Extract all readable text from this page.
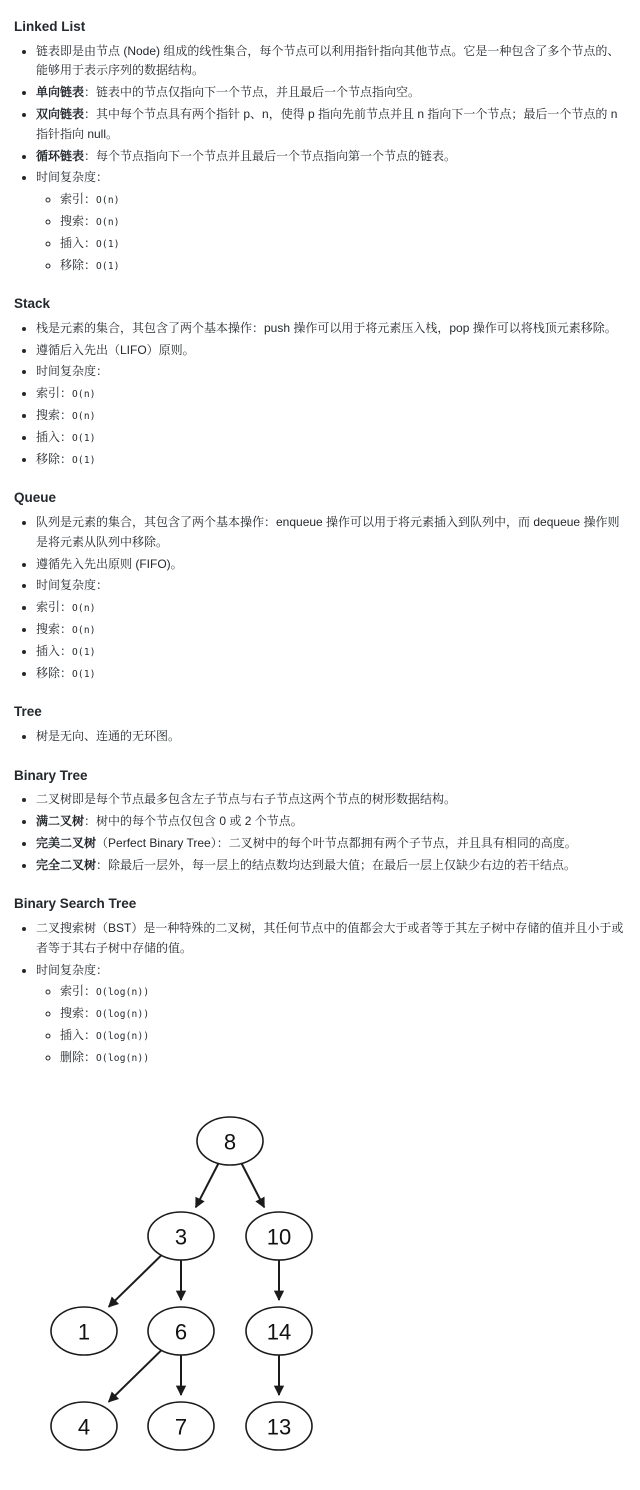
Linked List
• 链表即是由节点 (Node) 组成的线性集合，每个节点可以利用指针指向其他节点。它是一种包含了多个节点的、能够用于表示序列的数据结构。
• 单向链表：链表中的节点仅指向下一个节点，并且最后一个节点指向空。
• 双向链表：其中每个节点具有两个指针 p、n，使得 p 指向先前节点并且 n 指向下一个节点；最后一个节点的 n 指针指向 null。
• 循环链表：每个节点指向下一个节点并且最后一个节点指向第一个节点的链表。
• 时间复杂度：
◦ 索引：O(n)
◦ 搜索：O(n)
◦ 插入：O(1)
◦ 移除：O(1)
Stack
• 栈是元素的集合，其包含了两个基本操作：push 操作可以用于将元素压入栈，pop 操作可以将栈顶元素移除。
• 遵循后入先出（LIFO）原则。
• 时间复杂度：
• 索引：O(n)
• 搜索：O(n)
• 插入：O(1)
• 移除：O(1)
Queue
• 队列是元素的集合，其包含了两个基本操作：enqueue 操作可以用于将元素插入到队列中，而 dequeue 操作则是将元素从队列中移除。
• 遵循先入先出原则 (FIFO)。
• 时间复杂度：
• 索引：O(n)
• 搜索：O(n)
• 插入：O(1)
• 移除：O(1)
Tree
• 树是无向、连通的无环图。
Binary Tree
• 二叉树即是每个节点最多包含左子节点与右子节点这两个节点的树形数据结构。
• 满二叉树：树中的每个节点仅包含 0 或 2 个节点。
• 完美二叉树（Perfect Binary Tree）：二叉树中的每个叶节点都拥有两个子节点，并且具有相同的高度。
• 完全二叉树：除最后一层外，每一层上的结点数均达到最大值；在最后一层上仅缺少右边的若干结点。
Binary Search Tree
• 二叉搜索树（BST）是一种特殊的二叉树，其任何节点中的值都会大于或者等于其左子树中存储的值并且小于或者等于其右子树中存储的值。
• 时间复杂度：
◦ 索引：O(log(n))
◦ 搜索：O(log(n))
◦ 插入：O(log(n))
◦ 删除：O(log(n))
8
3	10
1	6	14
4	7	13
